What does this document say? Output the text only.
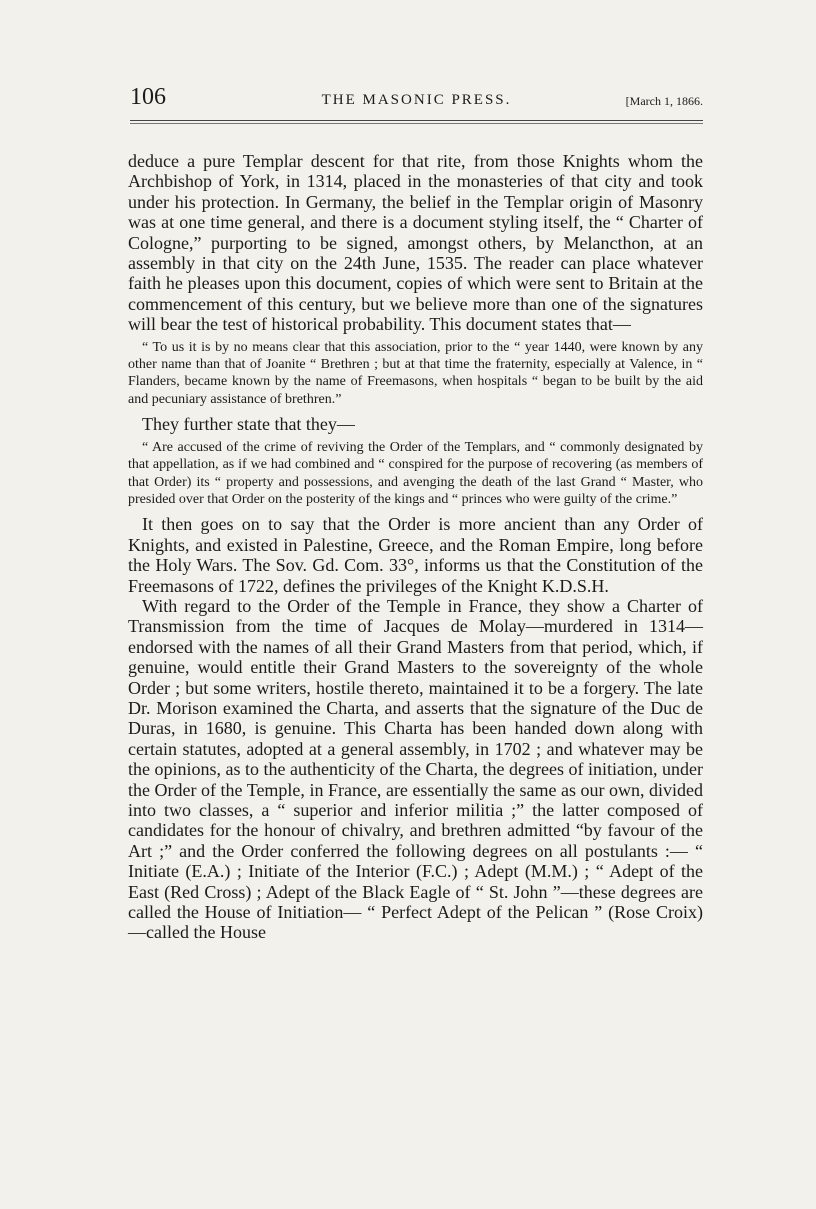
106	THE MASONIC PRESS.	[March 1, 1866.

deduce a pure Templar descent for that rite, from those Knights whom the Archbishop of York, in 1314, placed in the monasteries of that city and took under his protection. In Germany, the belief in the Templar origin of Masonry was at one time general, and there is a document styling itself, the “ Charter of Cologne,” purporting to be signed, amongst others, by Melancthon, at an assembly in that city on the 24th June, 1535. The reader can place whatever faith he pleases upon this document, copies of which were sent to Britain at the commencement of this century, but we believe more than one of the signatures will bear the test of historical probability. This document states that—

“ To us it is by no means clear that this association, prior to the “ year 1440, were known by any other name than that of Joanite “ Brethren ; but at that time the fraternity, especially at Valence, in “ Flanders, became known by the name of Freemasons, when hospitals “ began to be built by the aid and pecuniary assistance of brethren.”

They further state that they—

“ Are accused of the crime of reviving the Order of the Templars, and “ commonly designated by that appellation, as if we had combined and “ conspired for the purpose of recovering (as members of that Order) its “ property and possessions, and avenging the death of the last Grand “ Master, who presided over that Order on the posterity of the kings and “ princes who were guilty of the crime.”

It then goes on to say that the Order is more ancient than any Order of Knights, and existed in Palestine, Greece, and the Roman Empire, long before the Holy Wars. The Sov. Gd. Com. 33°, informs us that the Constitution of the Freemasons of 1722, defines the privileges of the Knight K.D.S.H.

With regard to the Order of the Temple in France, they show a Charter of Transmission from the time of Jacques de Molay—murdered in 1314—endorsed with the names of all their Grand Masters from that period, which, if genuine, would entitle their Grand Masters to the sovereignty of the whole Order ; but some writers, hostile thereto, maintained it to be a forgery. The late Dr. Morison examined the Charta, and asserts that the signature of the Duc de Duras, in 1680, is genuine. This Charta has been handed down along with certain statutes, adopted at a general assembly, in 1702 ; and whatever may be the opinions, as to the authenticity of the Charta, the degrees of initiation, under the Order of the Temple, in France, are essentially the same as our own, divided into two classes, a “ superior and inferior militia ;” the latter composed of candidates for the honour of chivalry, and brethren admitted “by favour of the Art ;” and the Order conferred the following degrees on all postulants :— “ Initiate (E.A.) ; Initiate of the Interior (F.C.) ; Adept (M.M.) ; “ Adept of the East (Red Cross) ; Adept of the Black Eagle of “ St. John ”—these degrees are called the House of Initiation— “ Perfect Adept of the Pelican ” (Rose Croix)—called the House
